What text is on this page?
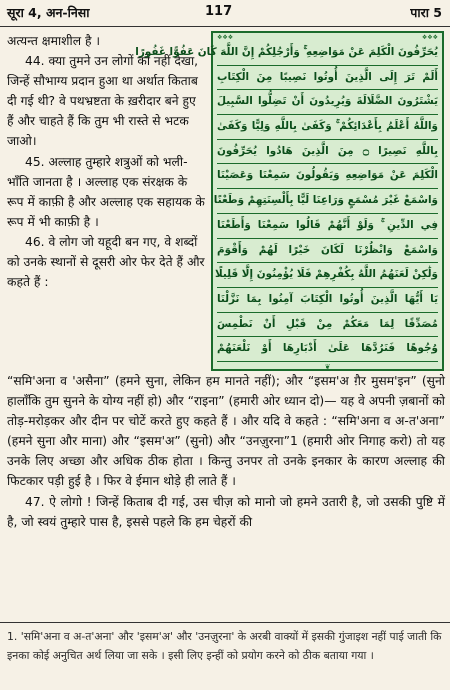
सूरा 4, अन-निसा	117	पारा 5

अत्यन्त क्षमाशील है ।

44. क्या तुमने उन लोगों को नहीं देखा, जिन्हें सौभाग्य प्रदान हुआ था अर्थात किताब दी गई थी? वे पथभ्रष्टता के ख़रीदार बने हुए हैं और चाहते हैं कि तुम भी रास्ते से भटक जाओ।

45. अल्लाह तुम्हारे शत्रुओं को भली-भाँति जानता है । अल्लाह एक संरक्षक के रूप में काफ़ी है और अल्लाह एक सहायक के रूप में भी काफ़ी है ।

46. वे लोग जो यहूदी बन गए, वे शब्दों को उनके स्थानों से दूसरी ओर फेर देते हैं और कहते हैं :

❖❖❖	❖❖❖
يُحَرِّفُونَ الْكَلِمَ عَنْ مَوَاضِعِهِ ۚ وَأَرْجُلِكُمْ إِنَّ اللَّهَ كَانَ عَفُوًّا غَفُورًا
أَلَمْ تَرَ إِلَى الَّذِينَ أُوتُوا نَصِيبًا مِنَ الْكِتَابِ
يَشْتَرُونَ الضَّلَالَةَ وَيُرِيدُونَ أَنْ تَضِلُّوا السَّبِيلَ
وَاللَّهُ أَعْلَمُ بِأَعْدَائِكُمْ ۚ وَكَفَىٰ بِاللَّهِ وَلِيًّا وَكَفَىٰ
بِاللَّهِ نَصِيرًا ۝ مِنَ الَّذِينَ هَادُوا يُحَرِّفُونَ
الْكَلِمَ عَنْ مَوَاضِعِهِ وَيَقُولُونَ سَمِعْنَا وَعَصَيْنَا
وَاسْمَعْ غَيْرَ مُسْمَعٍ وَرَاعِنَا لَيًّا بِأَلْسِنَتِهِمْ وَطَعْنًا
فِي الدِّينِ ۚ وَلَوْ أَنَّهُمْ قَالُوا سَمِعْنَا وَأَطَعْنَا
وَاسْمَعْ وَانْظُرْنَا لَكَانَ خَيْرًا لَهُمْ وَأَقْوَمَ
وَلَٰكِنْ لَعَنَهُمُ اللَّهُ بِكُفْرِهِمْ فَلَا يُؤْمِنُونَ إِلَّا قَلِيلًا
يَا أَيُّهَا الَّذِينَ أُوتُوا الْكِتَابَ آمِنُوا بِمَا نَزَّلْنَا
مُصَدِّقًا لِمَا مَعَكُمْ مِنْ قَبْلِ أَنْ نَطْمِسَ
وُجُوهًا فَنَرُدَّهَا عَلَىٰ أَدْبَارِهَا أَوْ نَلْعَنَهُمْ
❦

“समि'अना व 'असैना” (हमने सुना, लेकिन हम मानते नहीं); और “इसम'अ ग़ैर मुसम'इन” (सुनो हालाँकि तुम सुनने के योग्य नहीं हो) और “राइना” (हमारी ओर ध्यान दो)— यह वे अपनी ज़बानों को तोड़-मरोड़कर और दीन पर चोटें करते हुए कहते हैं । और यदि वे कहते : “समि'अना व अ-त'अना” (हमने सुना और माना) और “इसम'अ” (सुनो) और “उनज़ुरना”1 (हमारी ओर निगाह करो) तो यह उनके लिए अच्छा और अधिक ठीक होता । किन्तु उनपर तो उनके इनकार के कारण अल्लाह की फिटकार पड़ी हुई है । फिर वे ईमान थोड़े ही लाते हैं ।

47. ऐ लोगो ! जिन्हें किताब दी गई, उस चीज़ को मानो जो हमने उतारी है, जो उसकी पुष्टि में है, जो स्वयं तुम्हारे पास है, इससे पहले कि हम चेहरों की

1. 'समि'अना व अ-त'अना' और 'इसम'अ' और 'उनज़ुरना' के अरबी वाक्यों में इसकी गुंजाइश नहीं पाई जाती कि इनका कोई अनुचित अर्थ लिया जा सके । इसी लिए इन्हीं को प्रयोग करने को ठीक बताया गया ।
